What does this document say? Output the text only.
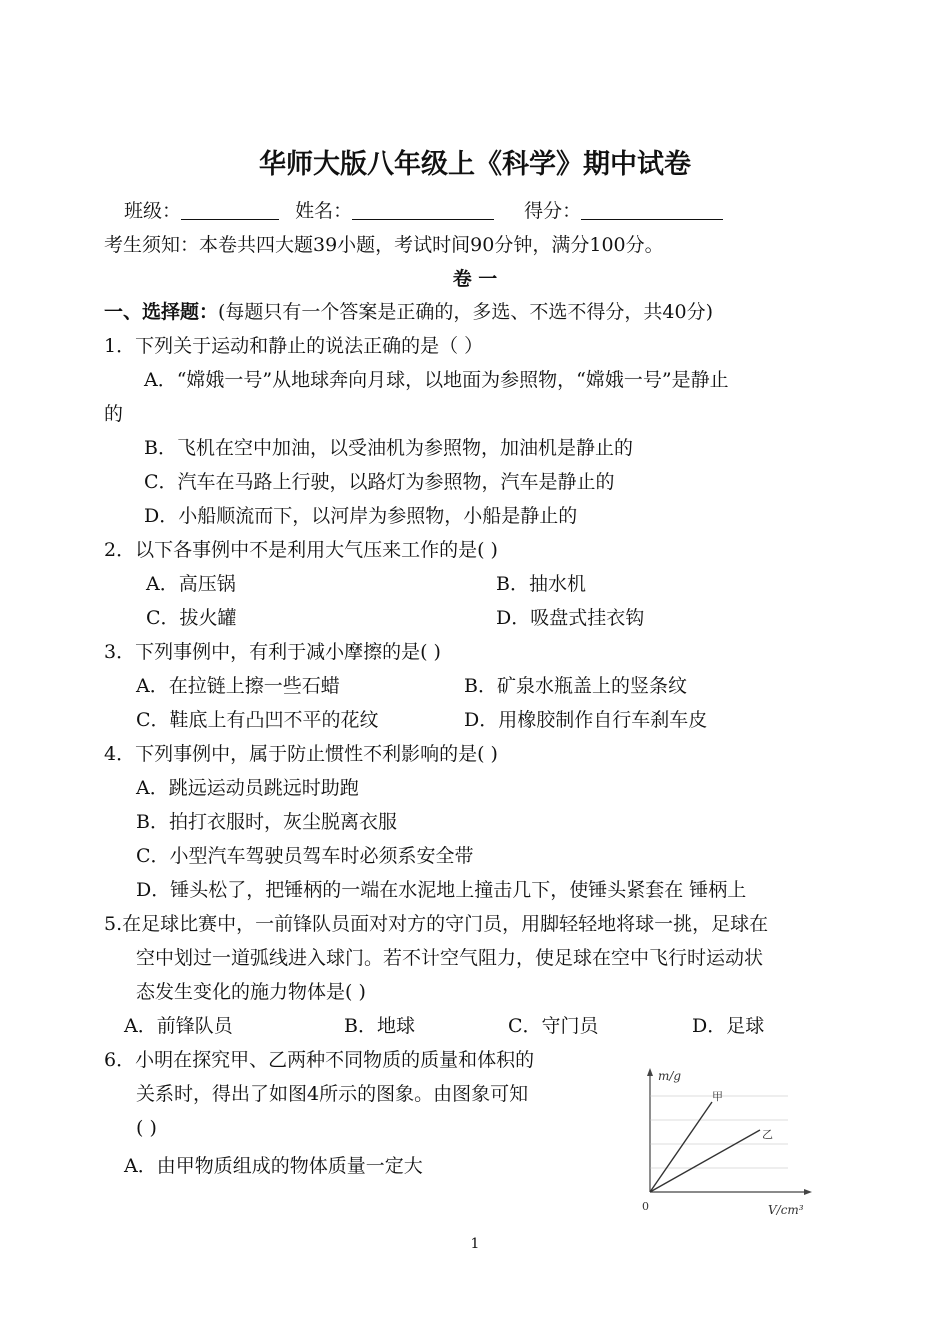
华师大版八年级上《科学》期中试卷
班级：	姓名：	得分：
考生须知：本卷共四大题39小题，考试时间90分钟，满分100分。
卷 一
一、选择题：(每题只有一个答案是正确的，多选、不选不得分，共40分)
1．下列关于运动和静止的说法正确的是（ ）
A．“嫦娥一号”从地球奔向月球，以地面为参照物，“嫦娥一号”是静止
的
B．飞机在空中加油，以受油机为参照物，加油机是静止的
C．汽车在马路上行驶，以路灯为参照物，汽车是静止的
D．小船顺流而下，以河岸为参照物，小船是静止的
2．以下各事例中不是利用大气压来工作的是( )
A．高压锅	B．抽水机
C．拔火罐	D．吸盘式挂衣钩
3．下列事例中，有利于减小摩擦的是( )
A．在拉链上擦一些石蜡	B．矿泉水瓶盖上的竖条纹
C．鞋底上有凸凹不平的花纹	D．用橡胶制作自行车刹车皮
4．下列事例中，属于防止惯性不利影响的是( )
A．跳远运动员跳远时助跑
B．拍打衣服时，灰尘脱离衣服
C．小型汽车驾驶员驾车时必须系安全带
D．锤头松了，把锤柄的一端在水泥地上撞击几下，使锤头紧套在 锤柄上
5.在足球比赛中，一前锋队员面对对方的守门员，用脚轻轻地将球一挑，足球在
空中划过一道弧线进入球门。若不计空气阻力，使足球在空中飞行时运动状
态发生变化的施力物体是( )
A．前锋队员	B．地球	C．守门员	D．足球
6．小明在探究甲、乙两种不同物质的质量和体积的
关系时，得出了如图4所示的图象。由图象可知
( )
A．由甲物质组成的物体质量一定大
m/g
V/cm³
0
甲
乙
1
